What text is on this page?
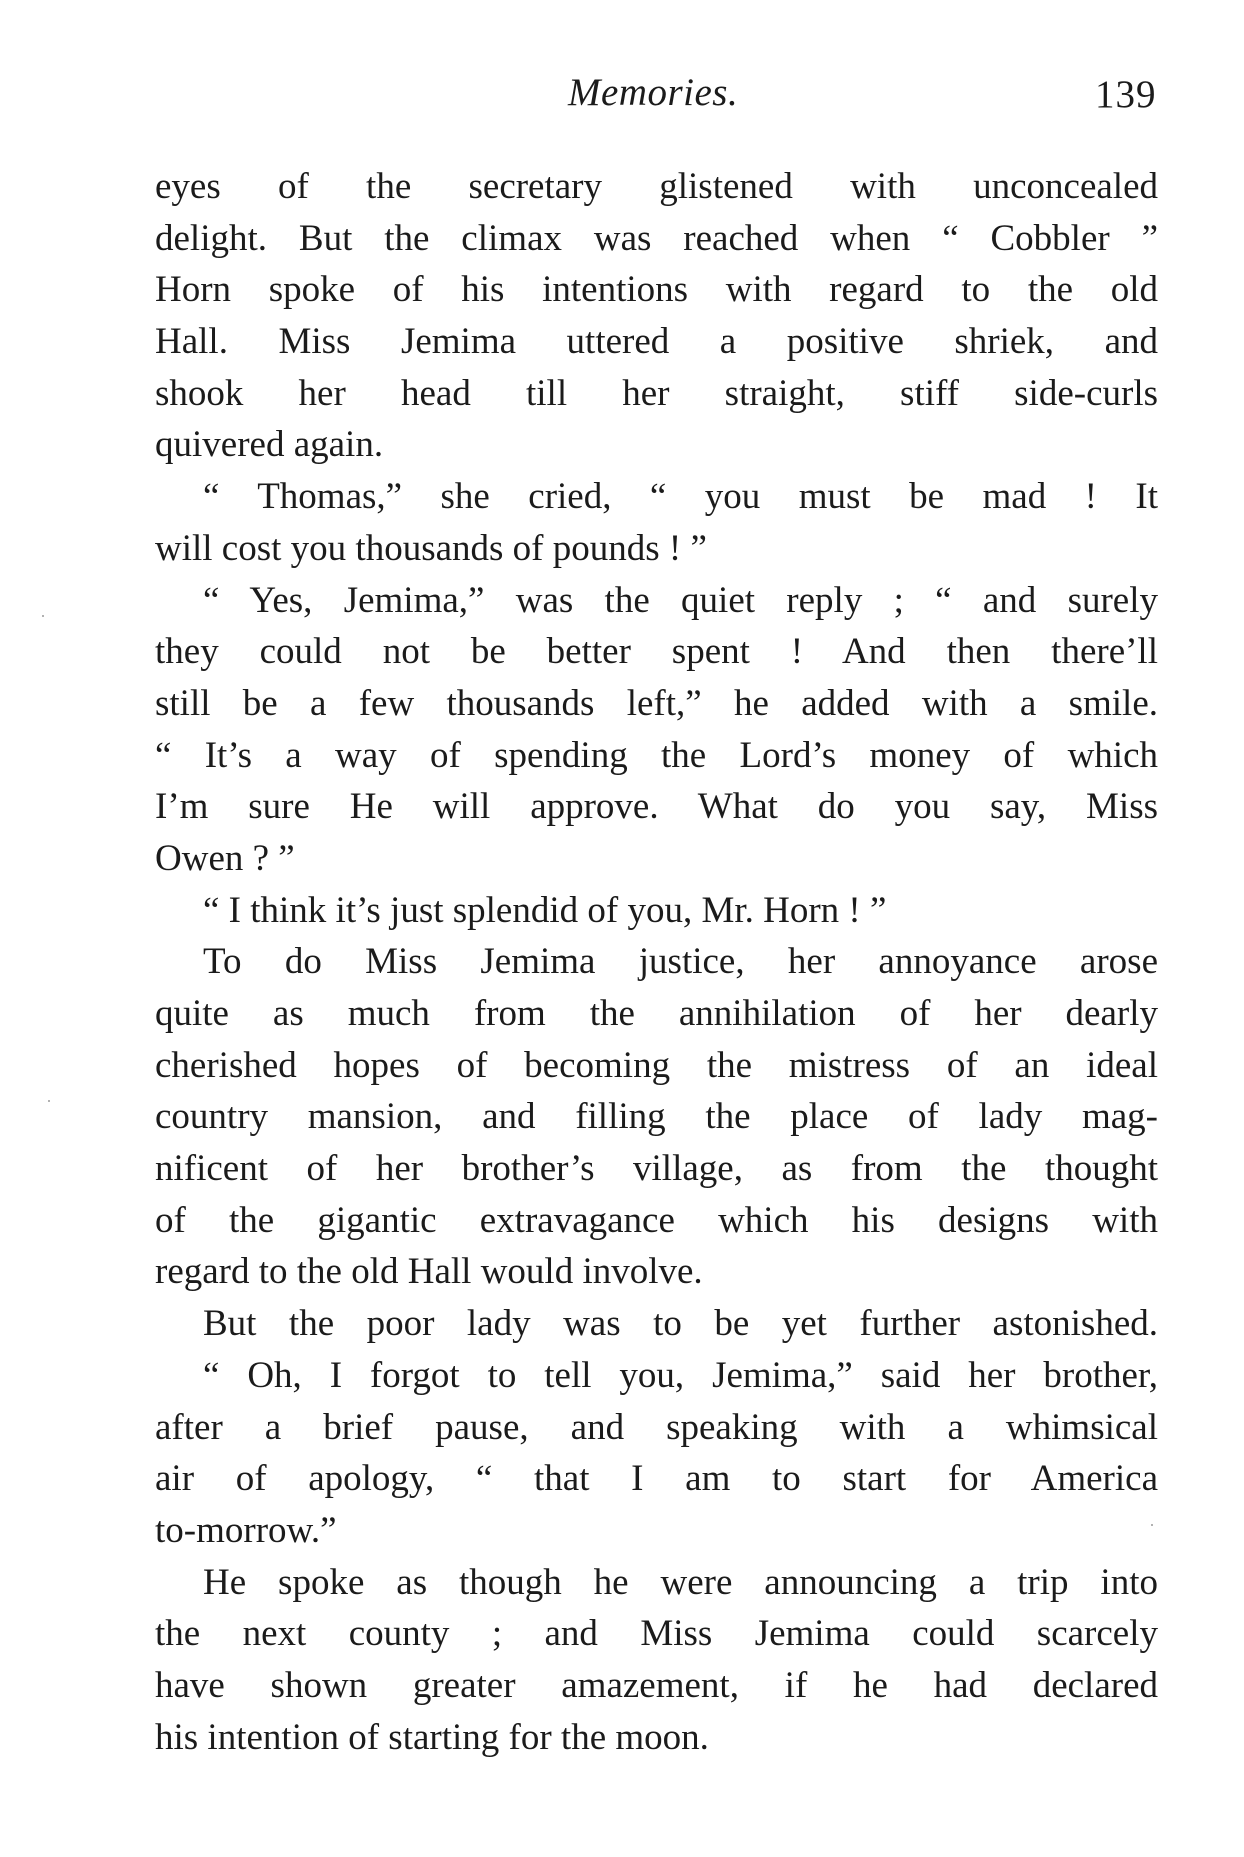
Memories.	139
eyes of the secretary glistened with unconcealed
delight. But the climax was reached when “ Cobbler ”
Horn spoke of his intentions with regard to the old
Hall. Miss Jemima uttered a positive shriek, and
shook her head till her straight, stiff side-curls
quivered again.
“ Thomas,” she cried, “ you must be mad ! It
will cost you thousands of pounds ! ”
“ Yes, Jemima,” was the quiet reply ; “ and surely
they could not be better spent ! And then there’ll
still be a few thousands left,” he added with a smile.
“ It’s a way of spending the Lord’s money of which
I’m sure He will approve. What do you say, Miss
Owen ? ”
“ I think it’s just splendid of you, Mr. Horn ! ”
To do Miss Jemima justice, her annoyance arose
quite as much from the annihilation of her dearly
cherished hopes of becoming the mistress of an ideal
country mansion, and filling the place of lady mag-
nificent of her brother’s village, as from the thought
of the gigantic extravagance which his designs with
regard to the old Hall would involve.
But the poor lady was to be yet further astonished.
“ Oh, I forgot to tell you, Jemima,” said her brother,
after a brief pause, and speaking with a whimsical
air of apology, “ that I am to start for America
to-morrow.”
He spoke as though he were announcing a trip into
the next county ; and Miss Jemima could scarcely
have shown greater amazement, if he had declared
his intention of starting for the moon.
